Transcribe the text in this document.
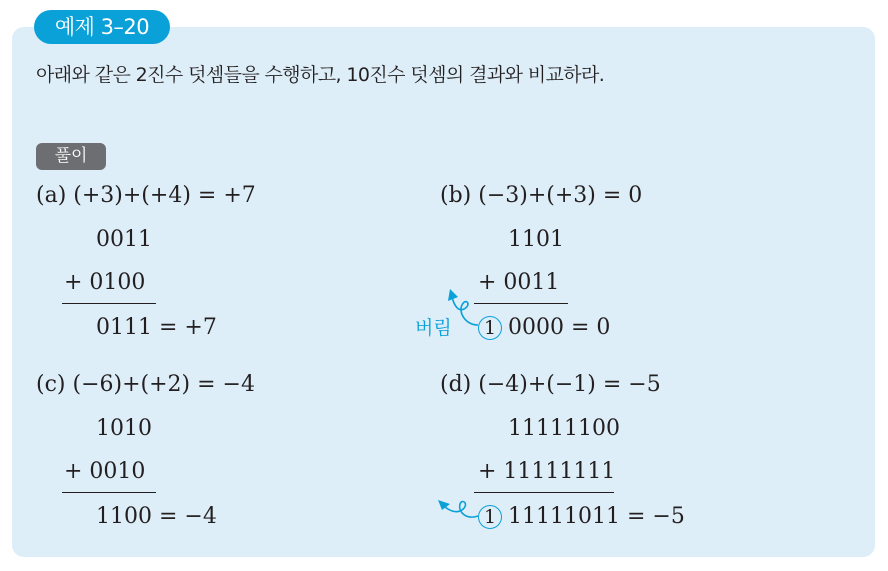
예제 3–20
아래와 같은 2진수 덧셈들을 수행하고, 10진수 덧셈의 결과와 비교하라.
풀이
(a) (+3)+(+4) = +7
0011
+ 0100
0111 = +7
(b) (−3)+(+3) = 0
1101
+ 0011
버림	1 0000 = 0
(c) (−6)+(+2) = −4
1010
+ 0010
1100 = −4
(d) (−4)+(−1) = −5
11111100
+ 11111111
1 11111011 = −5
